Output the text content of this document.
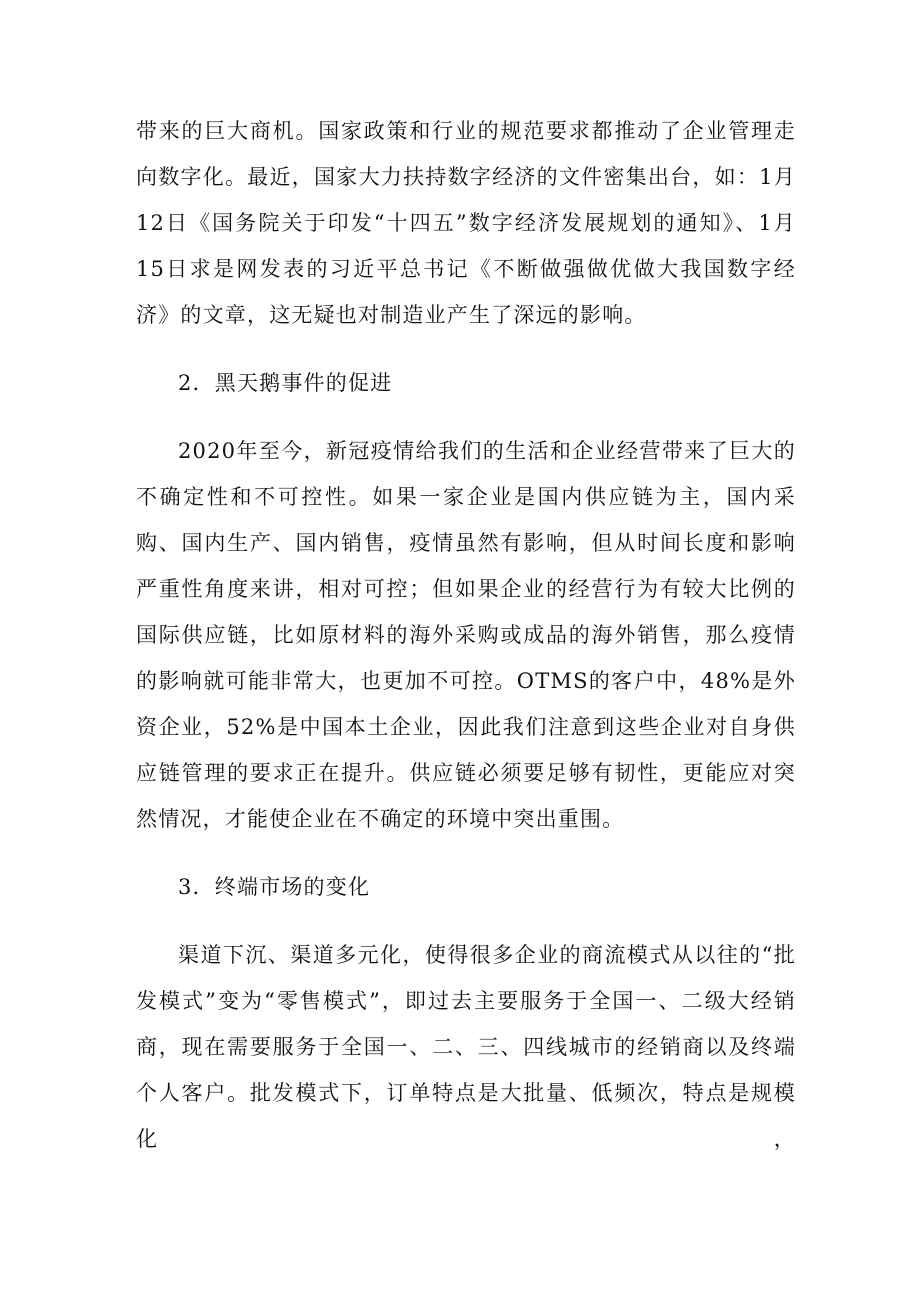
带来的巨大商机。国家政策和行业的规范要求都推动了企业管理走向数字化。最近，国家大力扶持数字经济的文件密集出台，如：1月12日《国务院关于印发“十四五”数字经济发展规划的通知》、1月15日求是网发表的习近平总书记《不断做强做优做大我国数字经济》的文章，这无疑也对制造业产生了深远的影响。

2．黑天鹅事件的促进

2020年至今，新冠疫情给我们的生活和企业经营带来了巨大的不确定性和不可控性。如果一家企业是国内供应链为主，国内采购、国内生产、国内销售，疫情虽然有影响，但从时间长度和影响严重性角度来讲，相对可控；但如果企业的经营行为有较大比例的国际供应链，比如原材料的海外采购或成品的海外销售，那么疫情的影响就可能非常大，也更加不可控。OTMS的客户中，48%是外资企业，52%是中国本土企业，因此我们注意到这些企业对自身供应链管理的要求正在提升。供应链必须要足够有韧性，更能应对突然情况，才能使企业在不确定的环境中突出重围。

3．终端市场的变化

渠道下沉、渠道多元化，使得很多企业的商流模式从以往的“批发模式”变为“零售模式”，即过去主要服务于全国一、二级大经销商，现在需要服务于全国一、二、三、四线城市的经销商以及终端个人客户。批发模式下，订单特点是大批量、低频次，特点是规模化，
